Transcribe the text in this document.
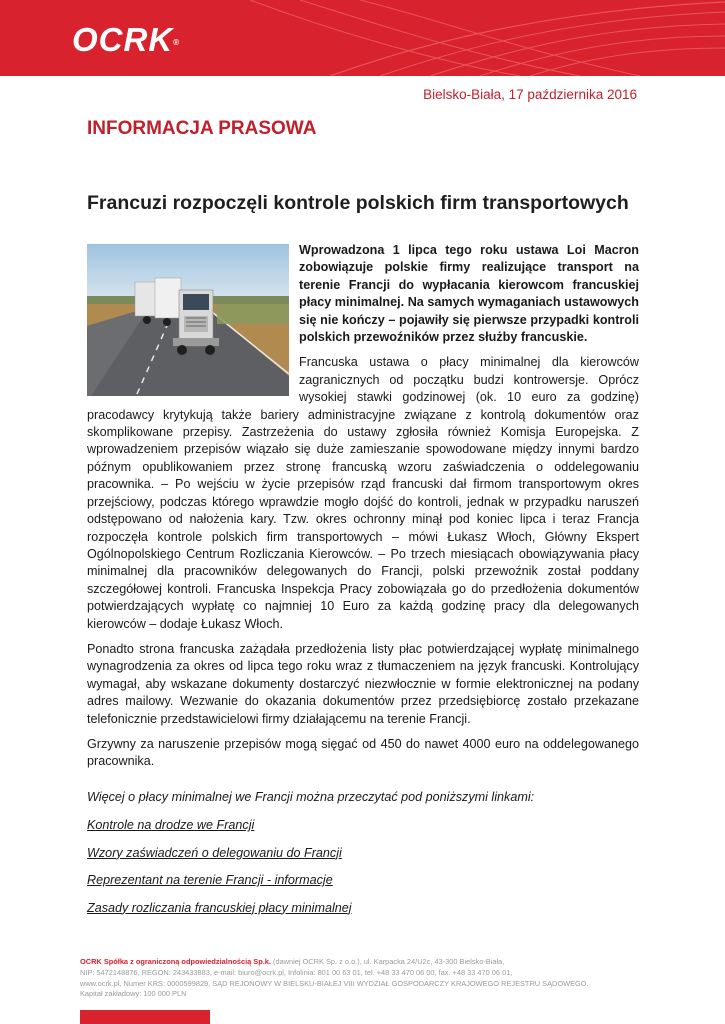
OCRK®
Bielsko-Biała, 17 października 2016
INFORMACJA PRASOWA
Francuzi rozpoczęli kontrole polskich firm transportowych

Wprowadzona 1 lipca tego roku ustawa Loi Macron zobowiązuje polskie firmy realizujące transport na terenie Francji do wypłacania kierowcom francuskiej płacy minimalnej. Na samych wymaganiach ustawowych się nie kończy – pojawiły się pierwsze przypadki kontroli polskich przewoźników przez służby francuskie.

Francuska ustawa o płacy minimalnej dla kierowców zagranicznych od początku budzi kontrowersje. Oprócz wysokiej stawki godzinowej (ok. 10 euro za godzinę) pracodawcy krytykują także bariery administracyjne związane z kontrolą dokumentów oraz skomplikowane przepisy. Zastrzeżenia do ustawy zgłosiła również Komisja Europejska. Z wprowadzeniem przepisów wiązało się duże zamieszanie spowodowane między innymi bardzo późnym opublikowaniem przez stronę francuską wzoru zaświadczenia o oddelegowaniu pracownika. – Po wejściu w życie przepisów rząd francuski dał firmom transportowym okres przejściowy, podczas którego wprawdzie mogło dojść do kontroli, jednak w przypadku naruszeń odstępowano od nałożenia kary. Tzw. okres ochronny minął pod koniec lipca i teraz Francja rozpoczęła kontrole polskich firm transportowych – mówi Łukasz Włoch, Główny Ekspert Ogólnopolskiego Centrum Rozliczania Kierowców. – Po trzech miesiącach obowiązywania płacy minimalnej dla pracowników delegowanych do Francji, polski przewoźnik został poddany szczegółowej kontroli. Francuska Inspekcja Pracy zobowiązała go do przedłożenia dokumentów potwierdzających wypłatę co najmniej 10 Euro za każdą godzinę pracy dla delegowanych kierowców – dodaje Łukasz Włoch.

Ponadto strona francuska zażądała przedłożenia listy płac potwierdzającej wypłatę minimalnego wynagrodzenia za okres od lipca tego roku wraz z tłumaczeniem na język francuski. Kontrolujący wymagał, aby wskazane dokumenty dostarczyć niezwłocznie w formie elektronicznej na podany adres mailowy. Wezwanie do okazania dokumentów przez przedsiębiorcę zostało przekazane telefonicznie przedstawicielowi firmy działającemu na terenie Francji.

Grzywny za naruszenie przepisów mogą sięgać od 450 do nawet 4000 euro na oddelegowanego pracownika.

Więcej o płacy minimalnej we Francji można przeczytać pod poniższymi linkami:
Kontrole na drodze we Francji
Wzory zaświadczeń o delegowaniu do Francji
Reprezentant na terenie Francji - informacje
Zasady rozliczania francuskiej płacy minimalnej
OCRK Spółka z ograniczoną odpowiedzialnością Sp.k. (dawniej OCRK Sp. z o.o.), ul. Karpacka 24/U2c, 43-300 Bielsko-Biała,
NIP: 5472148876, REGON: 243433883, e-mail: biuro@ocrk.pl, Infolinia: 801 00 63 01, tel. +48 33 470 06 00, fax. +48 33 470 06 01,
www.ocrk.pl, Numer KRS: 0000599829, SĄD REJONOWY W BIELSKU-BIAŁEJ VIII WYDZIAŁ GOSPODARCZY KRAJOWEGO REJESTRU SĄDOWEGO.
Kapitał zakładowy: 100 000 PLN
